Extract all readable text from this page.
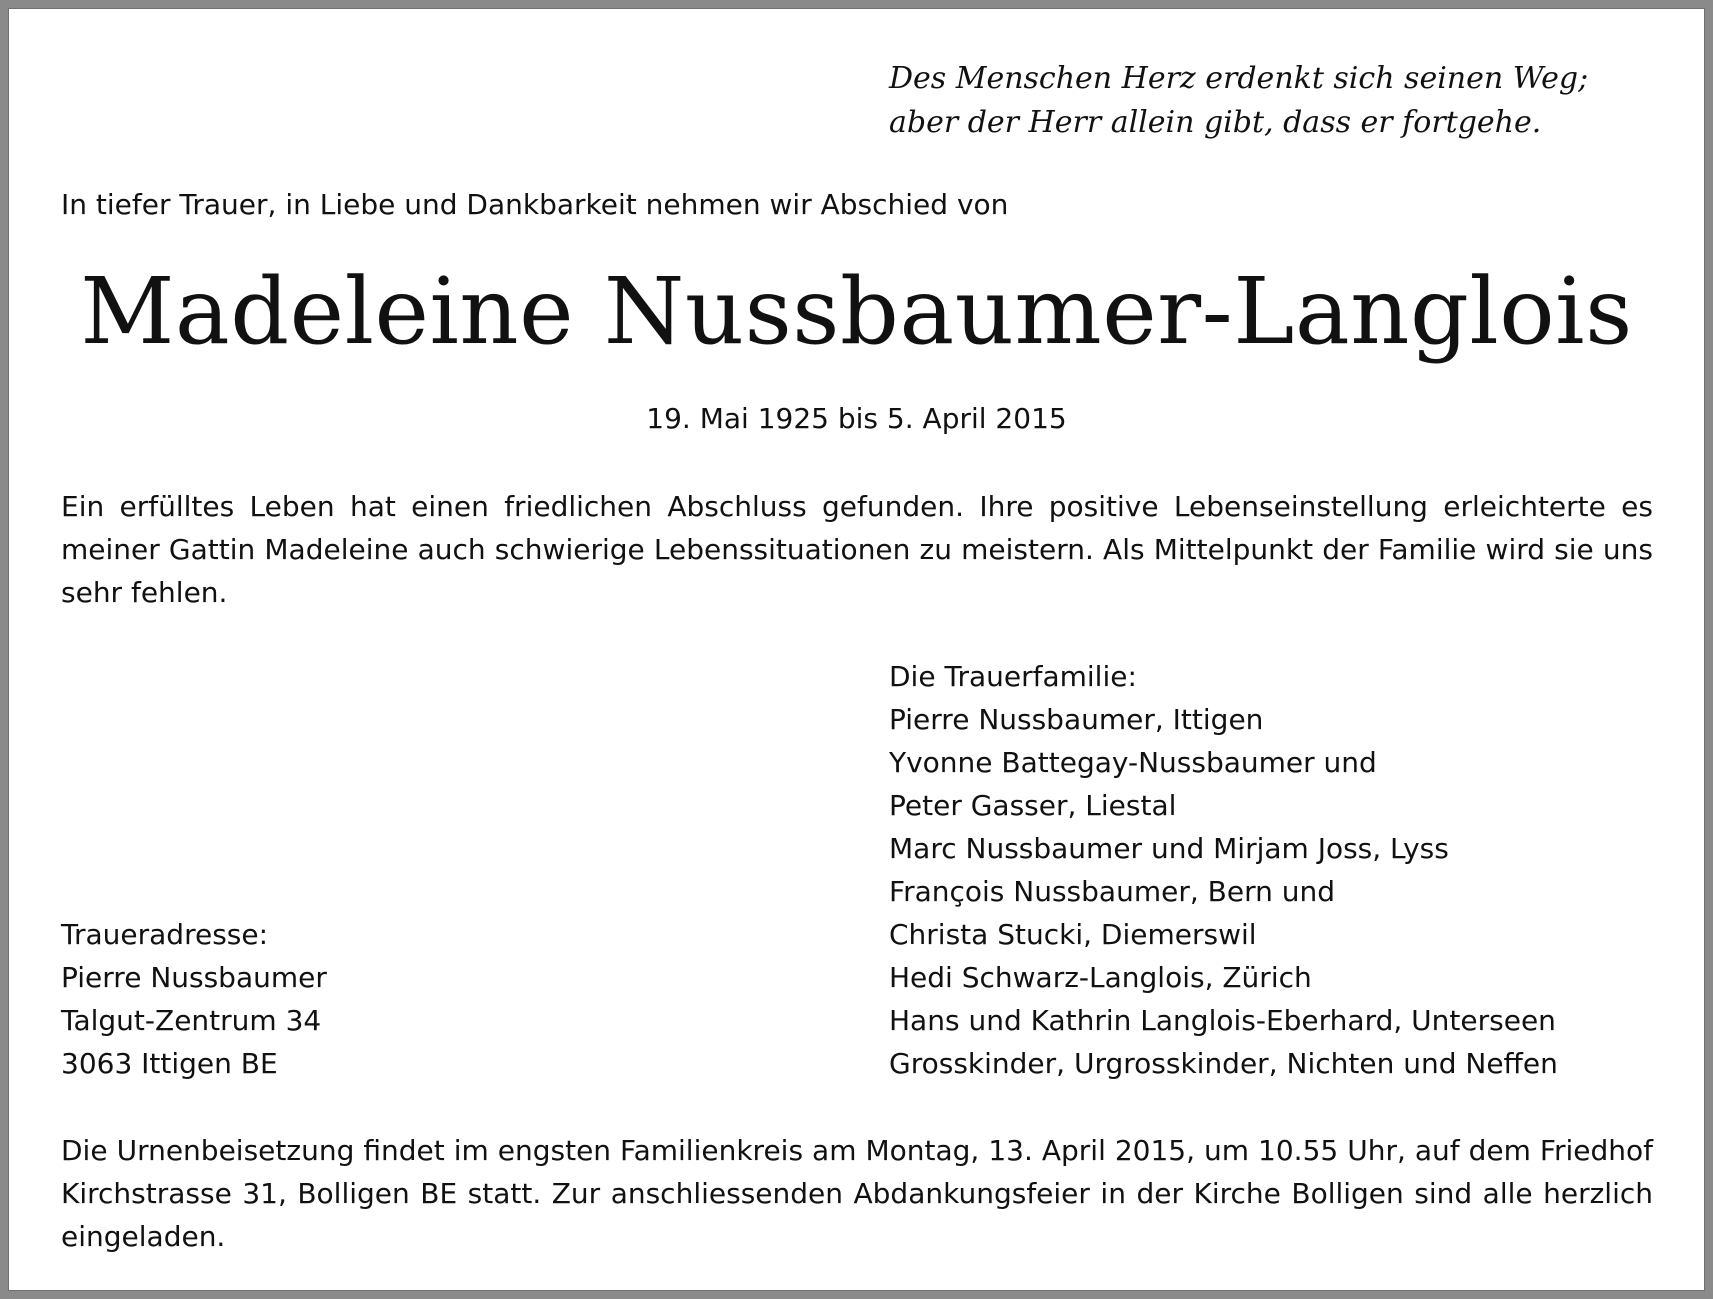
Des Menschen Herz erdenkt sich seinen Weg;
aber der Herr allein gibt, dass er fortgehe.
In tiefer Trauer, in Liebe und Dankbarkeit nehmen wir Abschied von
Madeleine Nussbaumer-Langlois
19. Mai 1925 bis 5. April 2015
Ein erfülltes Leben hat einen friedlichen Abschluss gefunden. Ihre positive Lebenseinstellung erleichterte es meiner Gattin Madeleine auch schwierige Lebenssituationen zu meistern. Als Mittelpunkt der Familie wird sie uns sehr fehlen.
Die Trauerfamilie:
Pierre Nussbaumer, Ittigen
Yvonne Battegay-Nussbaumer und
Peter Gasser, Liestal
Marc Nussbaumer und Mirjam Joss, Lyss
François Nussbaumer, Bern und
Christa Stucki, Diemerswil
Hedi Schwarz-Langlois, Zürich
Hans und Kathrin Langlois-Eberhard, Unterseen
Grosskinder, Urgrosskinder, Nichten und Neffen
Traueradresse:
Pierre Nussbaumer
Talgut-Zentrum 34
3063 Ittigen BE
Die Urnenbeisetzung findet im engsten Familienkreis am Montag, 13. April 2015, um 10.55 Uhr, auf dem Friedhof Kirchstrasse 31, Bolligen BE statt. Zur anschliessenden Abdankungsfeier in der Kirche Bolligen sind alle herzlich eingeladen.
